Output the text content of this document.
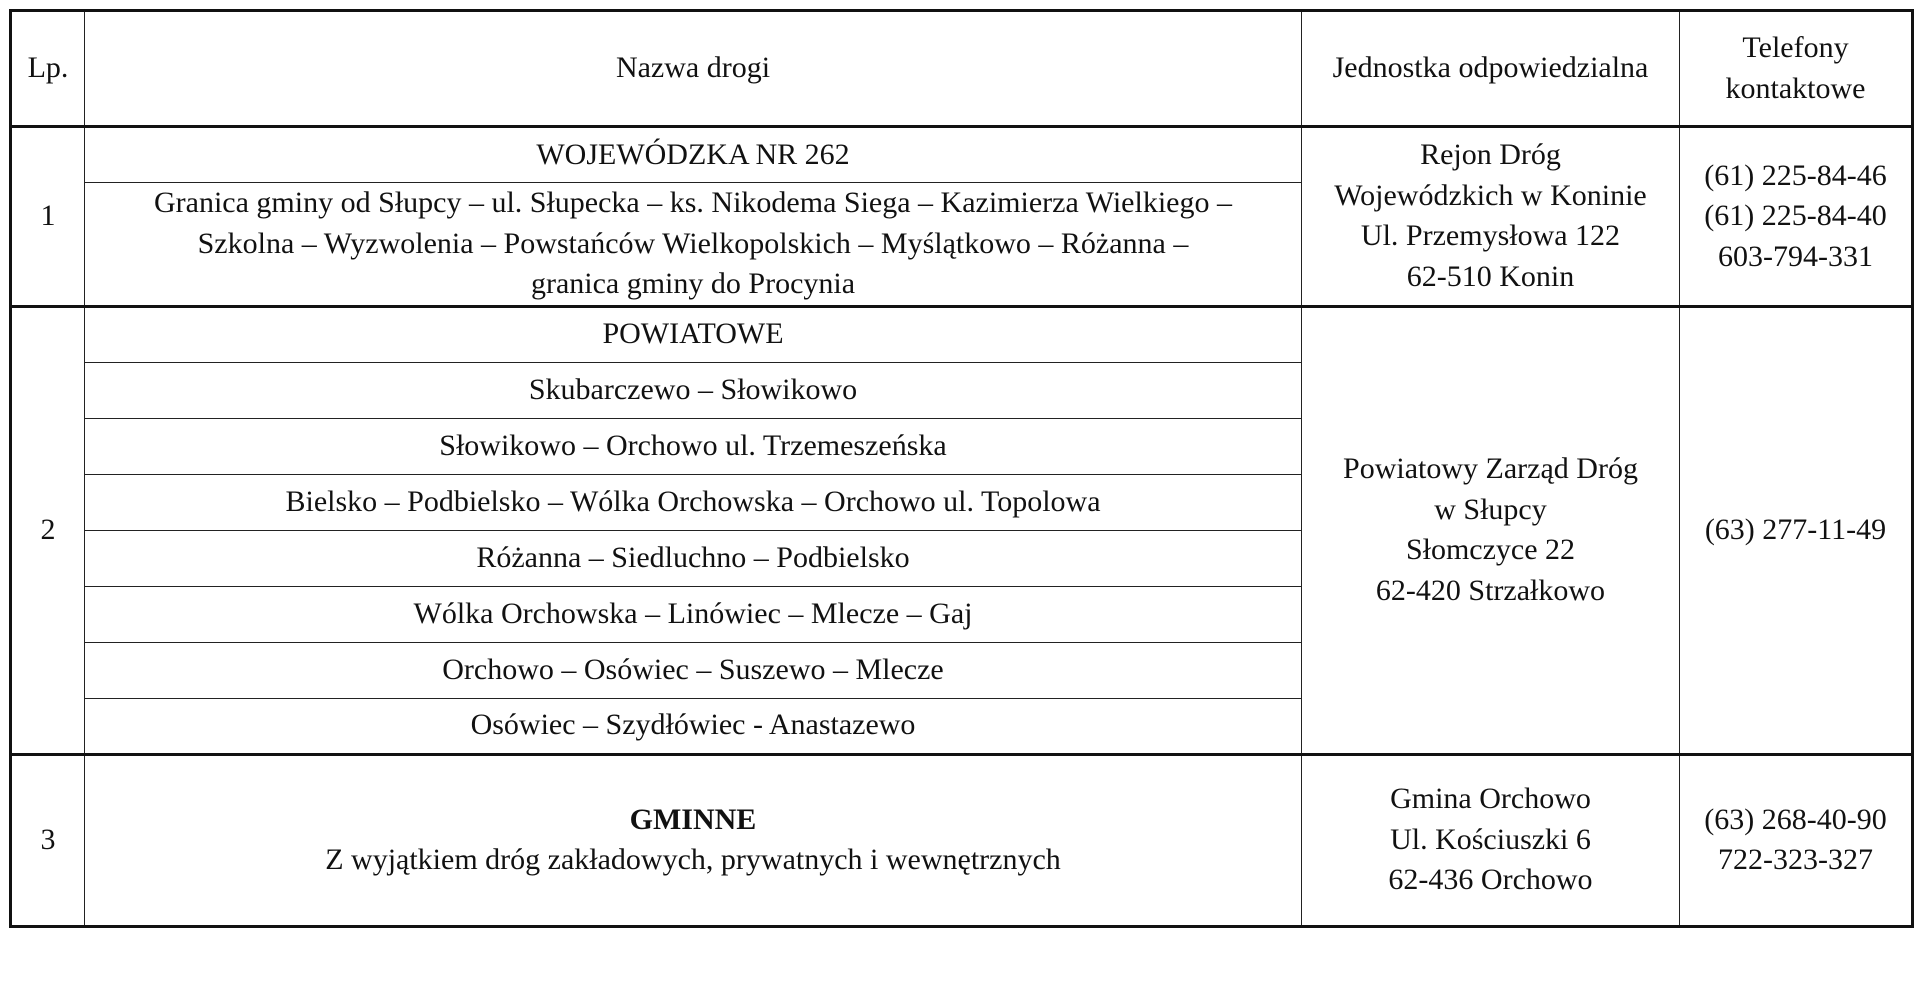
Lp.	Nazwa drogi	Jednostka odpowiedzialna	Telefony
kontaktowe

1	WOJEWÓDZKA NR 262	Rejon Dróg
Wojewódzkich w Koninie
Ul. Przemysłowa 122
62-510 Konin	(61) 225-84-46
(61) 225-84-40
603-794-331

	Granica gminy od Słupcy – ul. Słupecka – ks. Nikodema Siega – Kazimierza Wielkiego –
Szkolna – Wyzwolenia – Powstańców Wielkopolskich – Myślątkowo – Różanna –
granica gminy do Procynia		

2	POWIATOWE	Powiatowy Zarząd Dróg
w Słupcy
Słomczyce 22
62-420 Strzałkowo	(63) 277-11-49

	Skubarczewo – Słowikowo		
	Słowikowo – Orchowo ul. Trzemeszeńska		
	Bielsko – Podbielsko – Wólka Orchowska – Orchowo ul. Topolowa		
	Różanna – Siedluchno – Podbielsko		
	Wólka Orchowska – Linówiec – Mlecze – Gaj		
	Orchowo – Osówiec – Suszewo – Mlecze		
	Osówiec – Szydłówiec - Anastazewo		
3	GMINNE
Z wyjątkiem dróg zakładowych, prywatnych i wewnętrznych	Gmina Orchowo
Ul. Kościuszki 6
62-436 Orchowo	(63) 268-40-90
722-323-327
